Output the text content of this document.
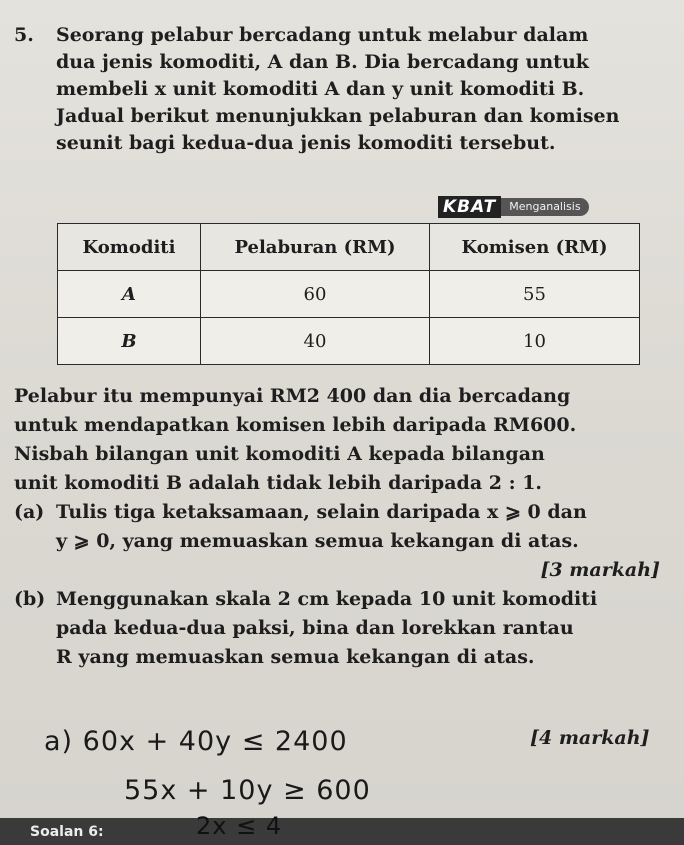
5. Seorang pelabur bercadang untuk melabur dalam
dua jenis komoditi, A dan B. Dia bercadang untuk
membeli x unit komoditi A dan y unit komoditi B.
Jadual berikut menunjukkan pelaburan dan komisen
seunit bagi kedua-dua jenis komoditi tersebut.
KBAT	Menganalisis
Komoditi	Pelaburan (RM)	Komisen (RM)
A	60	55
B	40	10
Pelabur itu mempunyai RM2 400 dan dia bercadang
untuk mendapatkan komisen lebih daripada RM600.
Nisbah bilangan unit komoditi A kepada bilangan
unit komoditi B adalah tidak lebih daripada 2 : 1.
(a) Tulis tiga ketaksamaan, selain daripada x ⩾ 0 dan
y ⩾ 0, yang memuaskan semua kekangan di atas.
[3 markah]
(b) Menggunakan skala 2 cm kepada 10 unit komoditi
pada kedua-dua paksi, bina dan lorekkan rantau
R yang memuaskan semua kekangan di atas.
[4 markah]
a) 60x + 40y ≤ 2400
55x + 10y ≥ 600
Soalan 6:	2x ≤ 4
